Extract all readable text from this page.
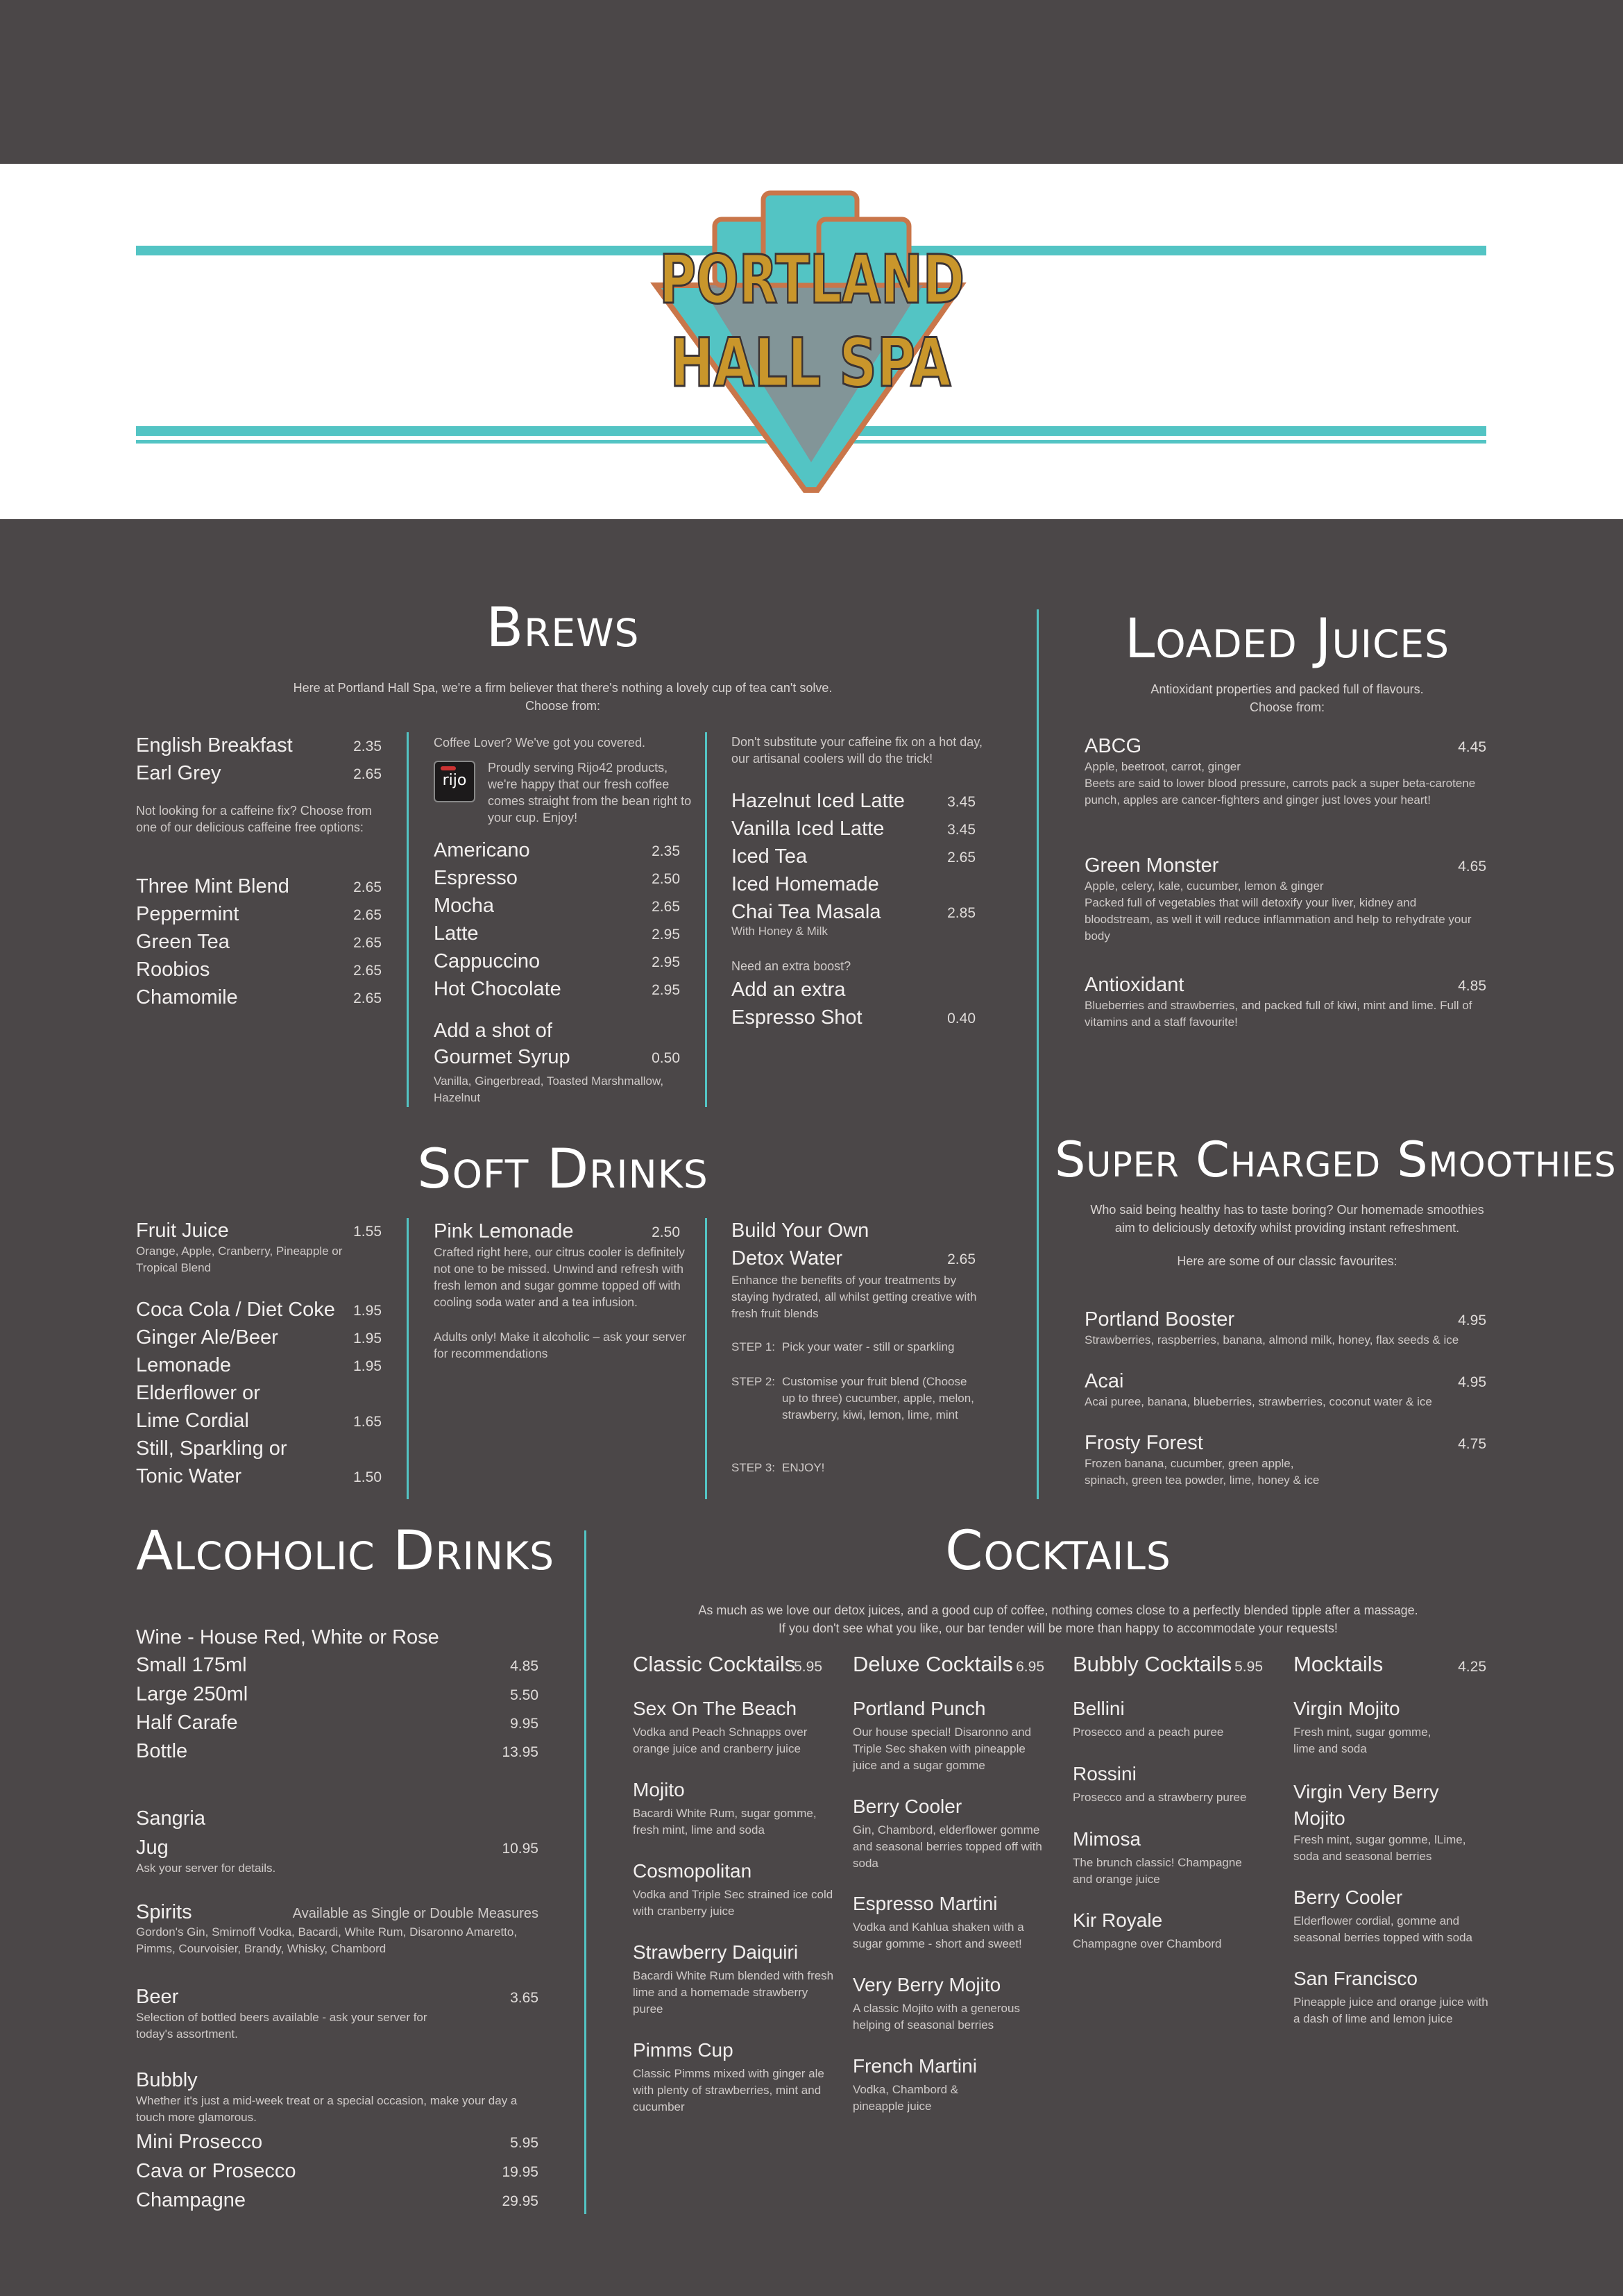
PORTLAND
HALL SPA
Brews
Here at Portland Hall Spa, we're a firm believer that there's nothing a lovely cup of tea can't solve.
Choose from:
English Breakfast	2.35
Earl Grey	2.65
Not looking for a caffeine fix? Choose from one of our delicious caffeine free options:
Three Mint Blend	2.65
Peppermint	2.65
Green Tea	2.65
Roobios	2.65
Chamomile	2.65
Coffee Lover? We've got you covered.
rijo
Proudly serving Rijo42 products, we're happy that our fresh coffee comes straight from the bean right to your cup. Enjoy!
Americano	2.35
Espresso	2.50
Mocha	2.65
Latte	2.95
Cappuccino	2.95
Hot Chocolate	2.95
Add a shot of
Gourmet Syrup	0.50
Vanilla, Gingerbread, Toasted Marshmallow, Hazelnut
Don't substitute your caffeine fix on a hot day, our artisanal coolers will do the trick!
Hazelnut Iced Latte	3.45
Vanilla Iced Latte	3.45
Iced Tea	2.65
Iced Homemade
Chai Tea Masala	2.85
With Honey & Milk
Need an extra boost?
Add an extra
Espresso Shot	0.40
Loaded Juices
Antioxidant properties and packed full of flavours.
Choose from:
ABCG	4.45
Apple, beetroot, carrot, ginger
Beets are said to lower blood pressure, carrots pack a super beta-carotene punch, apples are cancer-fighters and ginger just loves your heart!
Green Monster	4.65
Apple, celery, kale, cucumber, lemon & ginger
Packed full of vegetables that will detoxify your liver, kidney and bloodstream, as well it will reduce inflammation and help to rehydrate your body
Antioxidant	4.85
Blueberries and strawberries, and packed full of kiwi, mint and lime. Full of vitamins and a staff favourite!
Soft Drinks
Fruit Juice	1.55
Orange, Apple, Cranberry, Pineapple or Tropical Blend
Coca Cola / Diet Coke	1.95
Ginger Ale/Beer	1.95
Lemonade	1.95
Elderflower or
Lime Cordial	1.65
Still, Sparkling or
Tonic Water	1.50
Pink Lemonade	2.50
Crafted right here, our citrus cooler is definitely not one to be missed. Unwind and refresh with fresh lemon and sugar gomme topped off with cooling soda water and a tea infusion.
Adults only! Make it alcoholic – ask your server for recommendations
Build Your Own
Detox Water	2.65
Enhance the benefits of your treatments by staying hydrated, all whilst getting creative with fresh fruit blends
STEP 1: Pick your water - still or sparkling
STEP 2: Customise your fruit blend (Choose up to three) cucumber, apple, melon, strawberry, kiwi, lemon, lime, mint
STEP 3: ENJOY!
Super Charged Smoothies
Who said being healthy has to taste boring? Our homemade smoothies aim to deliciously detoxify whilst providing instant refreshment.
Here are some of our classic favourites:
Portland Booster	4.95
Strawberries, raspberries, banana, almond milk, honey, flax seeds & ice
Acai	4.95
Acai puree, banana, blueberries, strawberries, coconut water & ice
Frosty Forest	4.75
Frozen banana, cucumber, green apple, spinach, green tea powder, lime, honey & ice
Alcoholic Drinks
Wine - House Red, White or Rose
Small 175ml	4.85
Large 250ml	5.50
Half Carafe	9.95
Bottle	13.95
Sangria
Jug	10.95
Ask your server for details.
Spirits	Available as Single or Double Measures
Gordon's Gin, Smirnoff Vodka, Bacardi, White Rum, Disaronno Amaretto, Pimms, Courvoisier, Brandy, Whisky, Chambord
Beer	3.65
Selection of bottled beers available - ask your server for today's assortment.
Bubbly
Whether it's just a mid-week treat or a special occasion, make your day a touch more glamorous.
Mini Prosecco	5.95
Cava or Prosecco	19.95
Champagne	29.95
Cocktails
As much as we love our detox juices, and a good cup of coffee, nothing comes close to a perfectly blended tipple after a massage.
If you don't see what you like, our bar tender will be more than happy to accommodate your requests!
Classic Cocktails
5.95
Sex On The Beach
Vodka and Peach Schnapps over orange juice and cranberry juice
Mojito
Bacardi White Rum, sugar gomme, fresh mint, lime and soda
Cosmopolitan
Vodka and Triple Sec strained ice cold with cranberry juice
Strawberry Daiquiri
Bacardi White Rum blended with fresh lime and a homemade strawberry puree
Pimms Cup
Classic Pimms mixed with ginger ale with plenty of strawberries, mint and cucumber
Deluxe Cocktails 6.95
Portland Punch
Our house special! Disaronno and Triple Sec shaken with pineapple juice and a sugar gomme
Berry Cooler
Gin, Chambord, elderflower gomme and seasonal berries topped off with soda
Espresso Martini
Vodka and Kahlua shaken with a sugar gomme - short and sweet!
Very Berry Mojito
A classic Mojito with a generous helping of seasonal berries
French Martini
Vodka, Chambord & pineapple juice
Bubbly Cocktails 5.95
Bellini
Prosecco and a peach puree
Rossini
Prosecco and a strawberry puree
Mimosa
The brunch classic! Champagne and orange juice
Kir Royale
Champagne over Chambord
Mocktails	4.25
Virgin Mojito
Fresh mint, sugar gomme, lime and soda
Virgin Very Berry Mojito
Fresh mint, sugar gomme, lLime, soda and seasonal berries
Berry Cooler
Elderflower cordial, gomme and seasonal berries topped with soda
San Francisco
Pineapple juice and orange juice with a dash of lime and lemon juice
